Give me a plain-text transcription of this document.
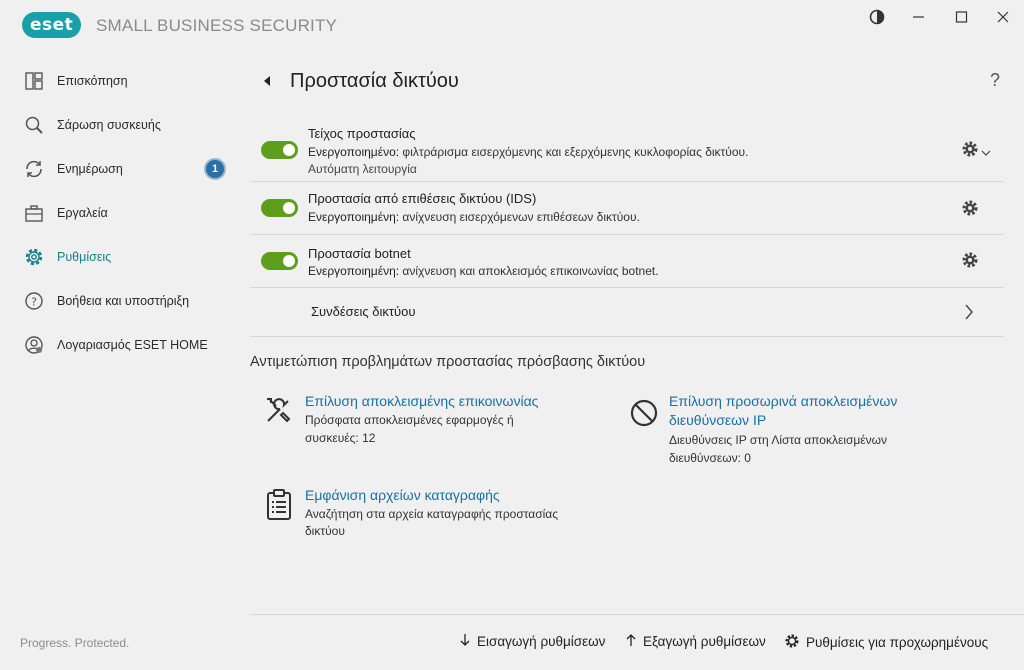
eset	SMALL BUSINESS SECURITY
Επισκόπηση
Σάρωση συσκευής
Ενημέρωση	1
Εργαλεία
Ρυθμίσεις
? Βοήθεια και υποστήριξη
Λογαριασμός ESET HOME
Progress. Protected.
Προστασία δικτύου	?
Τείχος προστασίας
Ενεργοποιημένο: φιλτράρισμα εισερχόμενης και εξερχόμενης κυκλοφορίας δικτύου.
Αυτόματη λειτουργία
Προστασία από επιθέσεις δικτύου (IDS)
Ενεργοποιημένη: ανίχνευση εισερχόμενων επιθέσεων δικτύου.
Προστασία botnet
Ενεργοποιημένη: ανίχνευση και αποκλεισμός επικοινωνίας botnet.
Συνδέσεις δικτύου
Αντιμετώπιση προβλημάτων προστασίας πρόσβασης δικτύου
Επίλυση αποκλεισμένης επικοινωνίας
Πρόσφατα αποκλεισμένες εφαρμογές ή
συσκευές: 12
Επίλυση προσωρινά αποκλεισμένων
διευθύνσεων IP
Διευθύνσεις IP στη Λίστα αποκλεισμένων
διευθύνσεων: 0
Εμφάνιση αρχείων καταγραφής
Αναζήτηση στα αρχεία καταγραφής προστασίας
δικτύου
Εισαγωγή ρυθμίσεων	Εξαγωγή ρυθμίσεων	Ρυθμίσεις για προχωρημένους
